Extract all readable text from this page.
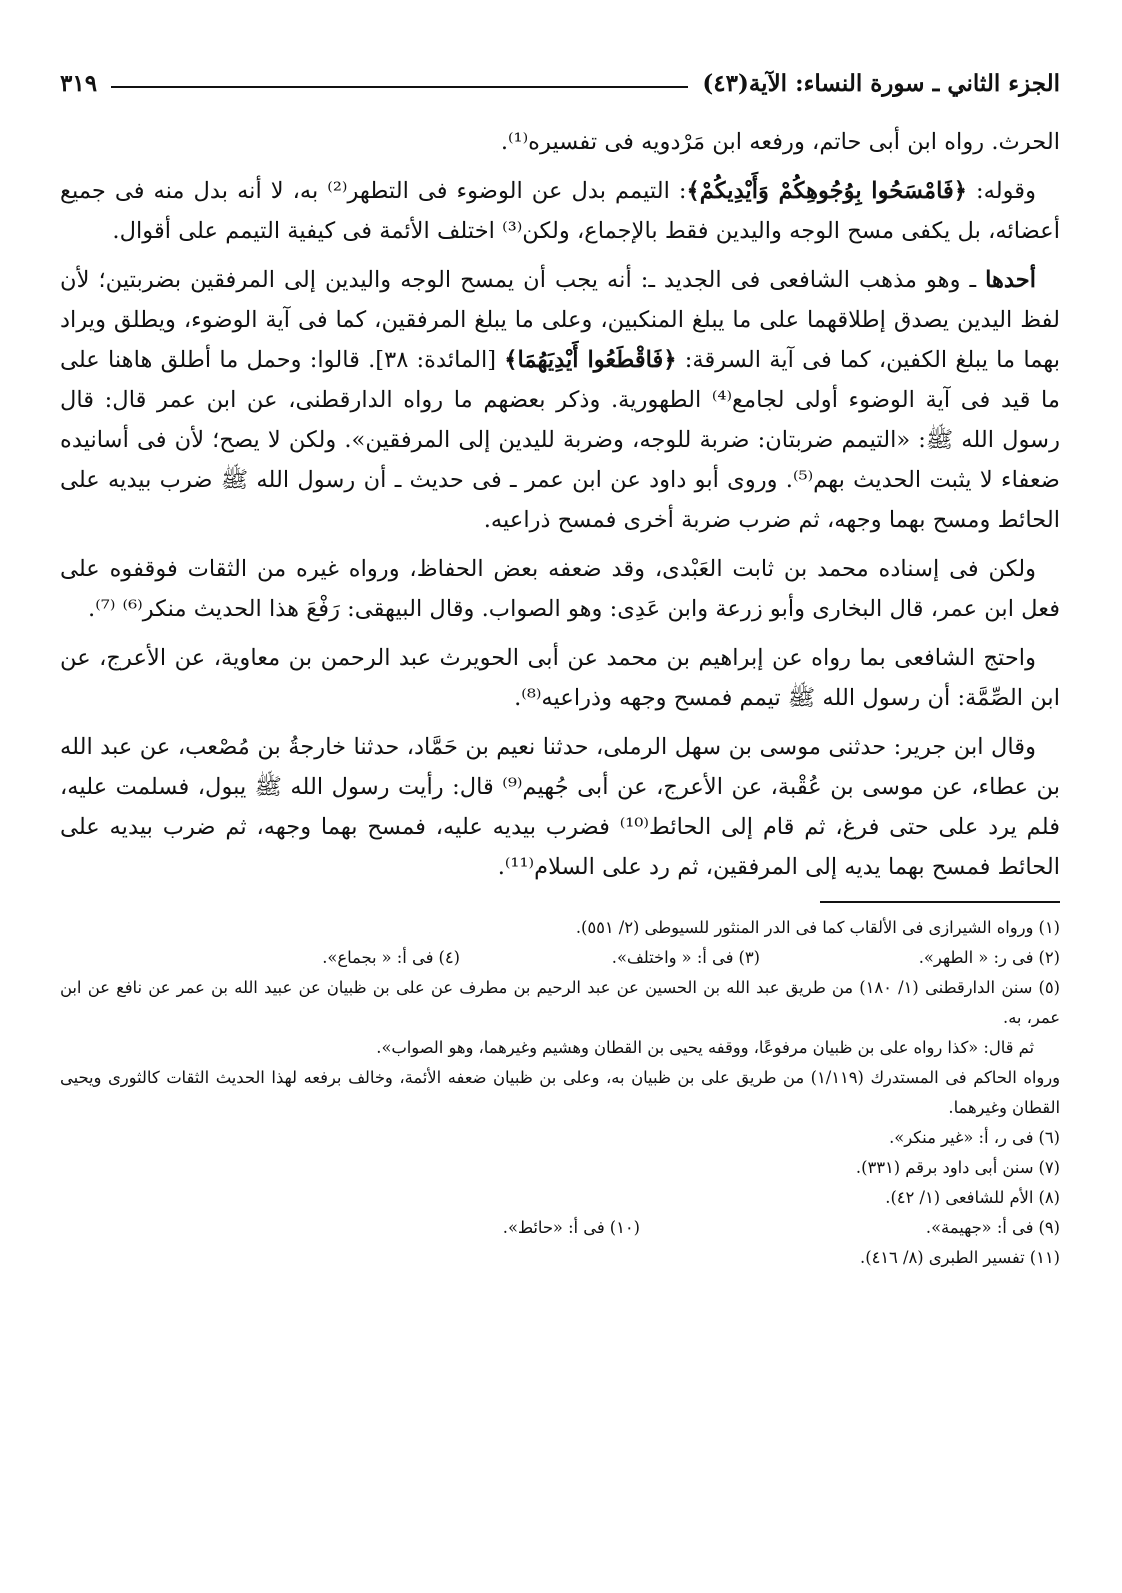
الجزء الثاني ـ سورة النساء: الآية(٤٣)
٣١٩

الحرث. رواه ابن أبى حاتم، ورفعه ابن مَرْدويه فى تفسيره⁽¹⁾.

وقوله: ﴿فَامْسَحُوا بِوُجُوهِكُمْ وَأَيْدِيكُمْ﴾: التيمم بدل عن الوضوء فى التطهر⁽²⁾ به، لا أنه بدل منه فى جميع أعضائه، بل يكفى مسح الوجه واليدين فقط بالإجماع، ولكن⁽³⁾ اختلف الأئمة فى كيفية التيمم على أقوال.

أحدها ـ وهو مذهب الشافعى فى الجديد ـ: أنه يجب أن يمسح الوجه واليدين إلى المرفقين بضربتين؛ لأن لفظ اليدين يصدق إطلاقهما على ما يبلغ المنكبين، وعلى ما يبلغ المرفقين، كما فى آية الوضوء، ويطلق ويراد بهما ما يبلغ الكفين، كما فى آية السرقة: ﴿فَاقْطَعُوا أَيْدِيَهُمَا﴾ [المائدة: ٣٨]. قالوا: وحمل ما أطلق هاهنا على ما قيد فى آية الوضوء أولى لجامع⁽⁴⁾ الطهورية. وذكر بعضهم ما رواه الدارقطنى، عن ابن عمر قال: قال رسول الله ﷺ: «التيمم ضربتان: ضربة للوجه، وضربة لليدين إلى المرفقين». ولكن لا يصح؛ لأن فى أسانيده ضعفاء لا يثبت الحديث بهم⁽⁵⁾. وروى أبو داود عن ابن عمر ـ فى حديث ـ أن رسول الله ﷺ ضرب بيديه على الحائط ومسح بهما وجهه، ثم ضرب ضربة أخرى فمسح ذراعيه.

ولكن فى إسناده محمد بن ثابت العَبْدى، وقد ضعفه بعض الحفاظ، ورواه غيره من الثقات فوقفوه على فعل ابن عمر، قال البخارى وأبو زرعة وابن عَدِى: وهو الصواب. وقال البيهقى: رَفْعَ هذا الحديث منكر⁽⁶⁾ ⁽⁷⁾.

واحتج الشافعى بما رواه عن إبراهيم بن محمد عن أبى الحويرث عبد الرحمن بن معاوية، عن الأعرج، عن ابن الصِّمَّة: أن رسول الله ﷺ تيمم فمسح وجهه وذراعيه⁽⁸⁾.

وقال ابن جرير: حدثنى موسى بن سهل الرملى، حدثنا نعيم بن حَمَّاد، حدثنا خارجةُ بن مُصْعب، عن عبد الله بن عطاء، عن موسى بن عُقْبة، عن الأعرج، عن أبى جُهيم⁽⁹⁾ قال: رأيت رسول الله ﷺ يبول، فسلمت عليه، فلم يرد على حتى فرغ، ثم قام إلى الحائط⁽¹⁰⁾ فضرب بيديه عليه، فمسح بهما وجهه، ثم ضرب بيديه على الحائط فمسح بهما يديه إلى المرفقين، ثم رد على السلام⁽¹¹⁾.

(١) ورواه الشيرازى فى الألقاب كما فى الدر المنثور للسيوطى (٢/ ٥٥١).

(٢) فى ر: « الطهر».
(٣) فى أ: « واختلف».
(٤) فى أ: « بجماع».

(٥) سنن الدارقطنى (١/ ١٨٠) من طريق عبد الله بن الحسين عن عبد الرحيم بن مطرف عن على بن ظبيان عن عبيد الله بن عمر عن نافع عن ابن عمر، به.

ثم قال: «كذا رواه على بن ظبيان مرفوعًا، ووقفه يحيى بن القطان وهشيم وغيرهما، وهو الصواب».

ورواه الحاكم فى المستدرك (١/١١٩) من طريق على بن ظبيان به، وعلى بن ظبيان ضعفه الأئمة، وخالف برفعه لهذا الحديث الثقات كالثورى ويحيى القطان وغيرهما.

(٦) فى ر، أ: «غير منكر».

(٧) سنن أبى داود برقم (٣٣١).

(٨) الأم للشافعى (١/ ٤٢).

(٩) فى أ: «جهيمة».
(١٠) فى أ: «حائط».

(١١) تفسير الطبرى (٨/ ٤١٦).
